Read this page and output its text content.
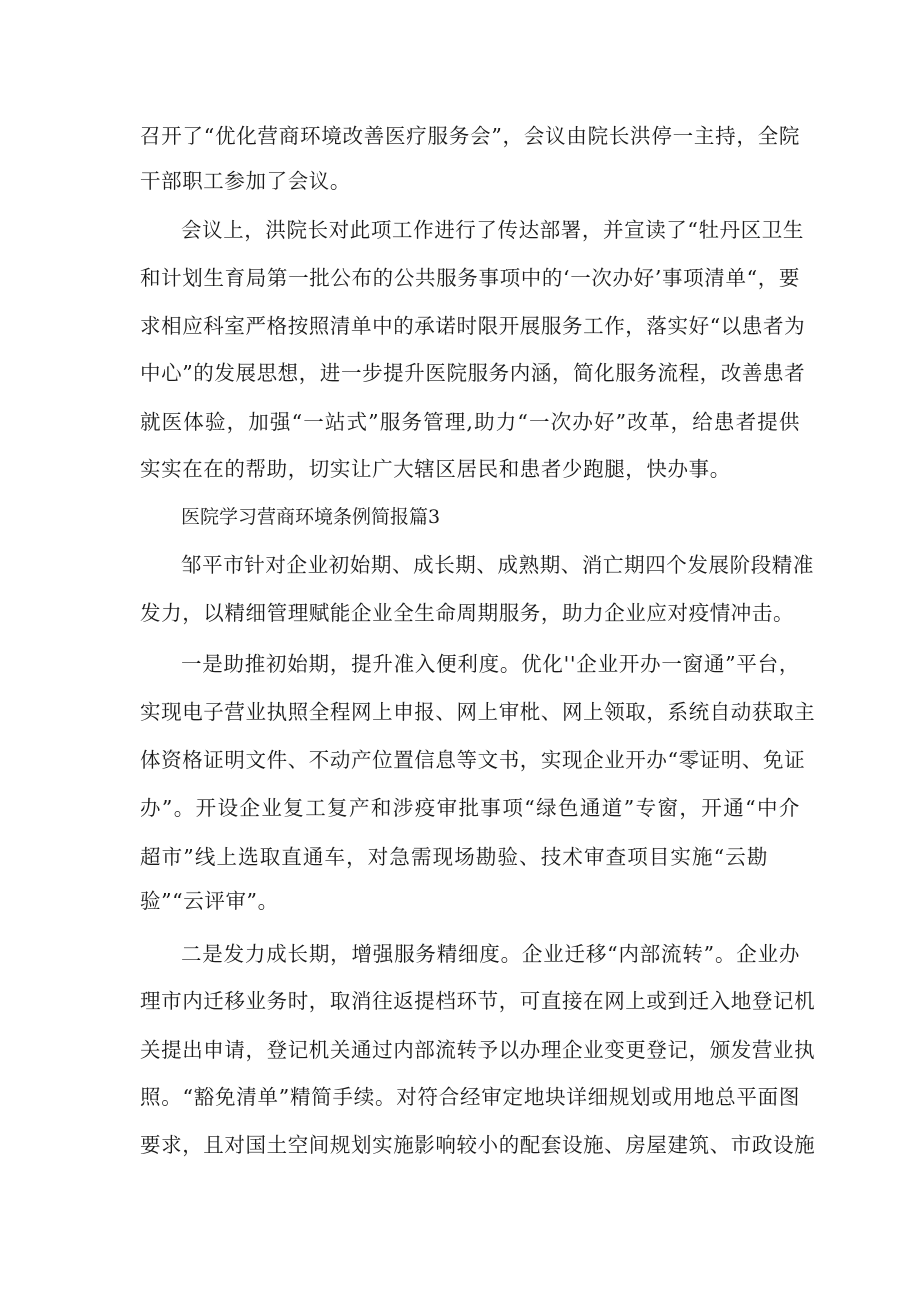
召开了“优化营商环境改善医疗服务会”，会议由院长洪停一主持，全院
干部职工参加了会议。
会议上，洪院长对此项工作进行了传达部署，并宣读了“牡丹区卫生
和计划生育局第一批公布的公共服务事项中的‘一次办好’事项清单“，要
求相应科室严格按照清单中的承诺时限开展服务工作，落实好“以患者为
中心”的发展思想，进一步提升医院服务内涵，简化服务流程，改善患者
就医体验，加强“一站式”服务管理,助力“一次办好”改革，给患者提供
实实在在的帮助，切实让广大辖区居民和患者少跑腿，快办事。
医院学习营商环境条例简报篇3
邹平市针对企业初始期、成长期、成熟期、消亡期四个发展阶段精准
发力，以精细管理赋能企业全生命周期服务，助力企业应对疫情冲击。
一是助推初始期，提升准入便利度。优化''企业开办一窗通”平台，
实现电子营业执照全程网上申报、网上审枇、网上领取，系统自动获取主
体资格证明文件、不动产位置信息等文书，实现企业开办“零证明、免证
办”。开设企业复工复产和涉疫审批事项“绿色通道”专窗，开通“中介
超市”线上选取直通车，对急需现场勘验、技术审查项目实施“云勘
验”“云评审”。
二是发力成长期，增强服务精细度。企业迁移“内部流转”。企业办
理市内迁移业务时，取消往返提档环节，可直接在网上或到迁入地登记机
关提出申请，登记机关通过内部流转予以办理企业变更登记，颁发营业执
照。“豁免清单”精简手续。对符合经审定地块详细规划或用地总平面图
要求，且对国土空间规划实施影响较小的配套设施、房屋建筑、市政设施
